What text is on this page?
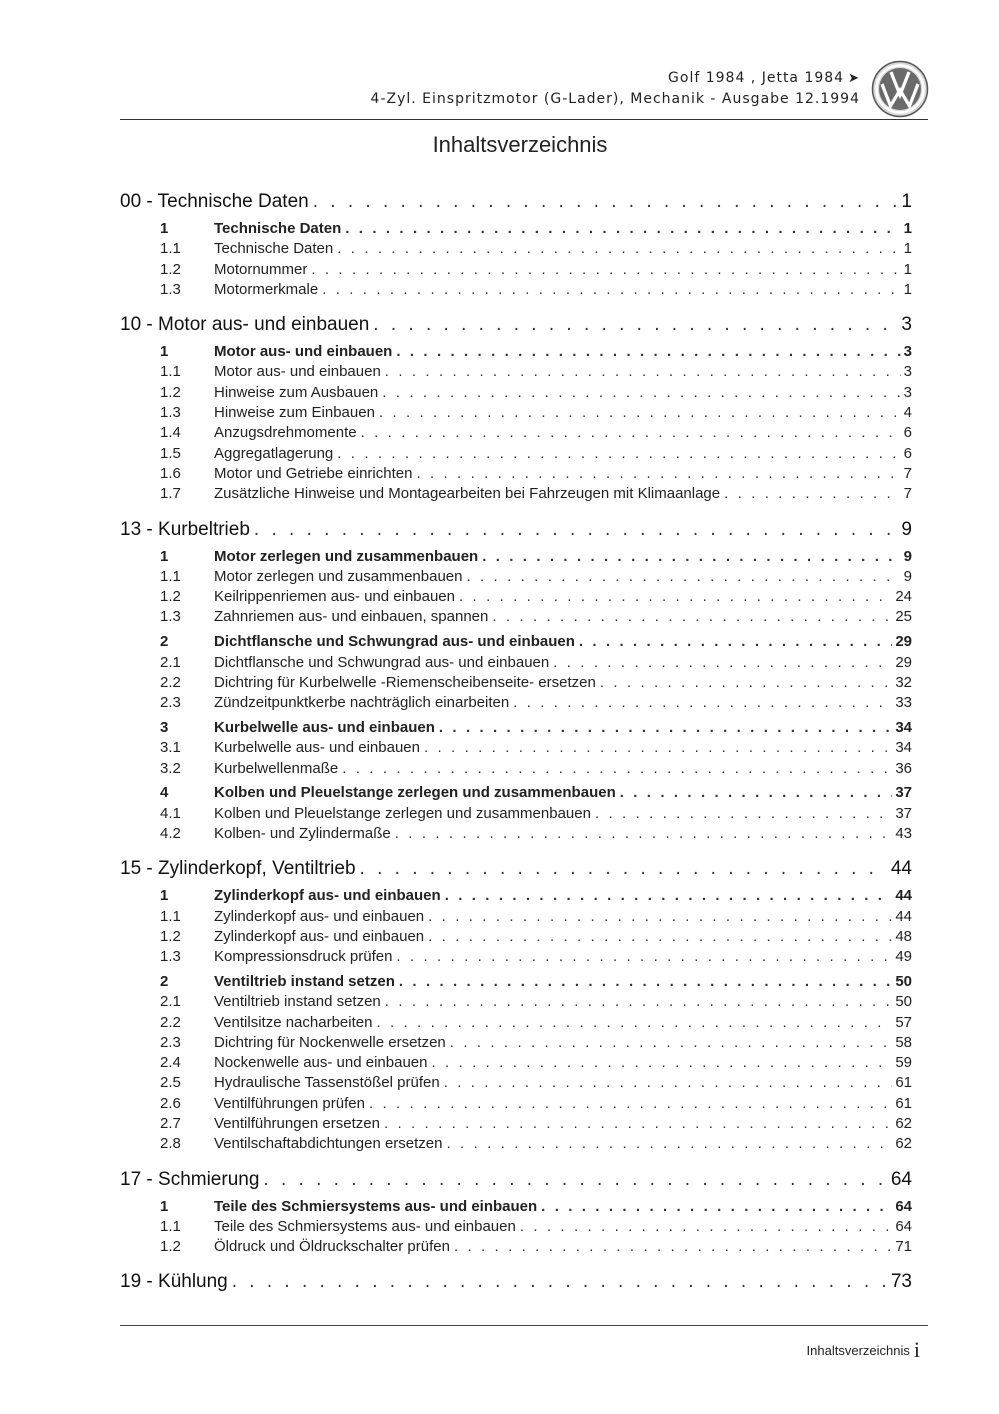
Golf 1984 , Jetta 1984 ➤
4-Zyl. Einspritzmotor (G-Lader), Mechanik - Ausgabe 12.1994
Inhaltsverzeichnis
00 - Technische Daten . . .	1
1	Technische Daten . . .	1
1.1	Technische Daten . . .	1
1.2	Motornummer . . .	1
1.3	Motormerkmale . . .	1
10 - Motor aus- und einbauen . . .	3
1	Motor aus- und einbauen . . .	3
1.1	Motor aus- und einbauen . . .	3
1.2	Hinweise zum Ausbauen . . .	3
1.3	Hinweise zum Einbauen . . .	4
1.4	Anzugsdrehmomente . . .	6
1.5	Aggregatlagerung . . .	6
1.6	Motor und Getriebe einrichten . . .	7
1.7	Zusätzliche Hinweise und Montagearbeiten bei Fahrzeugen mit Klimaanlage . . .	7
13 - Kurbeltrieb . . .	9
1	Motor zerlegen und zusammenbauen . . .	9
1.1	Motor zerlegen und zusammenbauen . . .	9
1.2	Keilrippenriemen aus- und einbauen . . .	24
1.3	Zahnriemen aus- und einbauen, spannen . . .	25
2	Dichtflansche und Schwungrad aus- und einbauen . . .	29
2.1	Dichtflansche und Schwungrad aus- und einbauen . . .	29
2.2	Dichtring für Kurbelwelle -Riemenscheibenseite- ersetzen . . .	32
2.3	Zündzeitpunktkerbe nachträglich einarbeiten . . .	33
3	Kurbelwelle aus- und einbauen . . .	34
3.1	Kurbelwelle aus- und einbauen . . .	34
3.2	Kurbelwellenmaße . . .	36
4	Kolben und Pleuelstange zerlegen und zusammenbauen . . .	37
4.1	Kolben und Pleuelstange zerlegen und zusammenbauen . . .	37
4.2	Kolben- und Zylindermaße . . .	43
15 - Zylinderkopf, Ventiltrieb . . .	44
1	Zylinderkopf aus- und einbauen . . .	44
1.1	Zylinderkopf aus- und einbauen . . .	44
1.2	Zylinderkopf aus- und einbauen . . .	48
1.3	Kompressionsdruck prüfen . . .	49
2	Ventiltrieb instand setzen . . .	50
2.1	Ventiltrieb instand setzen . . .	50
2.2	Ventilsitze nacharbeiten . . .	57
2.3	Dichtring für Nockenwelle ersetzen . . .	58
2.4	Nockenwelle aus- und einbauen . . .	59
2.5	Hydraulische Tassenstößel prüfen . . .	61
2.6	Ventilführungen prüfen . . .	61
2.7	Ventilführungen ersetzen . . .	62
2.8	Ventilschaftabdichtungen ersetzen . . .	62
17 - Schmierung . . .	64
1	Teile des Schmiersystems aus- und einbauen . . .	64
1.1	Teile des Schmiersystems aus- und einbauen . . .	64
1.2	Öldruck und Öldruckschalter prüfen . . .	71
19 - Kühlung . . .	73
Inhaltsverzeichnis i
